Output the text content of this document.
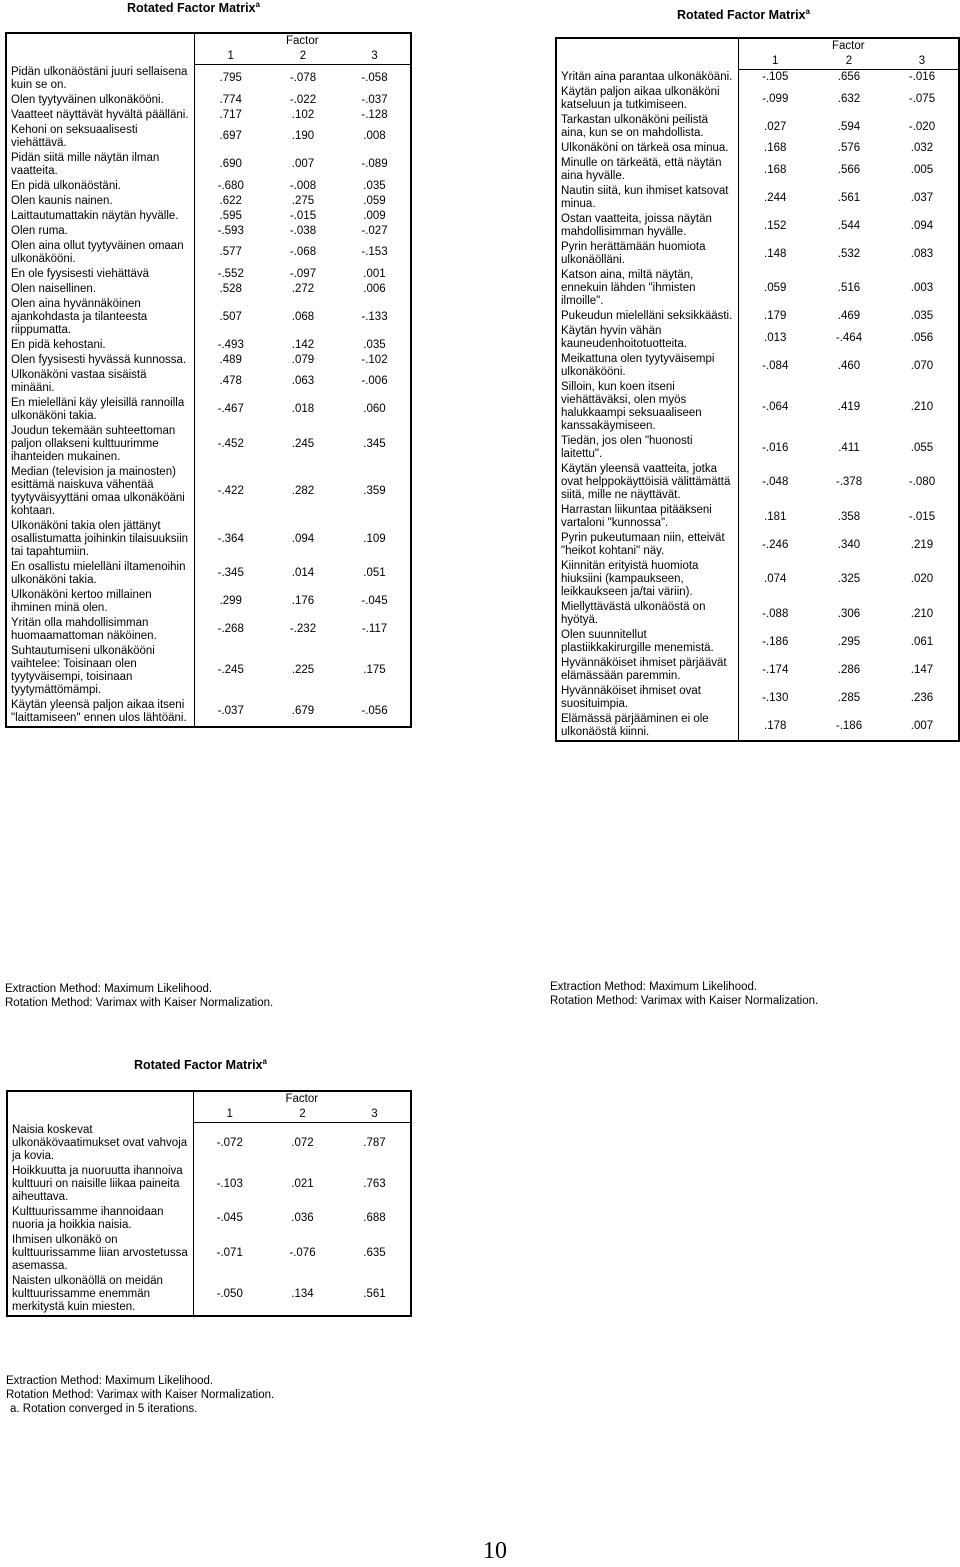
Rotated Factor Matrix$^a$
	Factor		
	1	2	3
Pidän ulkonäöstäni juuri sellaisena kuin se on.	.795	-.078	-.058
Olen tyytyväinen ulkonäkööni.	.774	-.022	-.037
Vaatteet näyttävät hyvältä päälläni.	.717	.102	-.128
Kehoni on seksuaalisesti viehättävä.	.697	.190	.008
Pidän siitä mille näytän ilman vaatteita.	.690	.007	-.089
En pidä ulkonäöstäni.	-.680	-.008	.035
Olen kaunis nainen.	.622	.275	.059
Laittautumattakin näytän hyvälle.	.595	-.015	.009
Olen ruma.	-.593	-.038	-.027
Olen aina ollut tyytyväinen omaan ulkonäkööni.	.577	-.068	-.153
En ole fyysisesti viehättävä	-.552	-.097	.001
Olen naisellinen.	.528	.272	.006
Olen aina hyvännäköinen ajankohdasta ja tilanteesta riippumatta.	.507	.068	-.133
En pidä kehostani.	-.493	.142	.035
Olen fyysisesti hyvässä kunnossa.	.489	.079	-.102
Ulkonäköni vastaa sisäistä minääni.	.478	.063	-.006
En mielelläni käy yleisillä rannoilla ulkonäköni takia.	-.467	.018	.060
Joudun tekemään suhteettoman paljon ollakseni kulttuurimme ihanteiden mukainen.	-.452	.245	.345
Median (television ja mainosten) esittämä naiskuva vähentää tyytyväisyyttäni omaa ulkonäköäni kohtaan.	-.422	.282	.359
Ulkonäköni takia olen jättänyt osallistumatta joihinkin tilaisuuksiin tai tapahtumiin.	-.364	.094	.109
En osallistu mielelläni iltamenoihin ulkonäköni takia.	-.345	.014	.051
Ulkonäköni kertoo millainen ihminen minä olen.	.299	.176	-.045
Yritän olla mahdollisimman huomaamattoman näköinen.	-.268	-.232	-.117
Suhtautumiseni ulkonäkööni vaihtelee: Toisinaan olen tyytyväisempi, toisinaan tyytymättömämpi.	-.245	.225	.175
Käytän yleensä paljon aikaa itseni "laittamiseen" ennen ulos lähtöäni.	-.037	.679	-.056
Extraction Method: Maximum Likelihood.
Rotation Method: Varimax with Kaiser Normalization.
Rotated Factor Matrix$^a$
	Factor		
	1	2	3
Yritän aina parantaa ulkonäköäni.	-.105	.656	-.016
Käytän paljon aikaa ulkonäköni katseluun ja tutkimiseen.	-.099	.632	-.075
Tarkastan ulkonäköni peilistä aina, kun se on mahdollista.	.027	.594	-.020
Ulkonäköni on tärkeä osa minua.	.168	.576	.032
Minulle on tärkeätä, että näytän aina hyvälle.	.168	.566	.005
Nautin siitä, kun ihmiset katsovat minua.	.244	.561	.037
Ostan vaatteita, joissa näytän mahdollisimman hyvälle.	.152	.544	.094
Pyrin herättämään huomiota ulkonäölläni.	.148	.532	.083
Katson aina, miltä näytän, ennekuin lähden "ihmisten ilmoille".	.059	.516	.003
Pukeudun mielelläni seksikkäästi.	.179	.469	.035
Käytän hyvin vähän kauneudenhoitotuotteita.	.013	-.464	.056
Meikattuna olen tyytyväisempi ulkonäkööni.	-.084	.460	.070
Silloin, kun koen itseni viehättäväksi, olen myös halukkaampi seksuaaliseen kanssakäymiseen.	-.064	.419	.210
Tiedän, jos olen "huonosti laitettu".	-.016	.411	.055
Käytän yleensä vaatteita, jotka ovat helppokäyttöisiä välittämättä siitä, mille ne näyttävät.	-.048	-.378	-.080
Harrastan liikuntaa pitääkseni vartaloni "kunnossa".	.181	.358	-.015
Pyrin pukeutumaan niin, etteivät "heikot kohtani" näy.	-.246	.340	.219
Kiinnitän erityistä huomiota hiuksiini (kampaukseen, leikkaukseen ja/tai väriin).	.074	.325	.020
Miellyttävästä ulkonäöstä on hyötyä.	-.088	.306	.210
Olen suunnitellut plastiikkakirurgille menemistä.	-.186	.295	.061
Hyvännäköiset ihmiset pärjäävät elämässään paremmin.	-.174	.286	.147
Hyvännäköiset ihmiset ovat suosituimpia.	-.130	.285	.236
Elämässä pärjääminen ei ole ulkonäöstä kiinni.	.178	-.186	.007
Extraction Method: Maximum Likelihood.
Rotation Method: Varimax with Kaiser Normalization.
Rotated Factor Matrix$^a$
	Factor		
	1	2	3
Naisia koskevat ulkonäkövaatimukset ovat vahvoja ja kovia.	-.072	.072	.787
Hoikkuutta ja nuoruutta ihannoiva kulttuuri on naisille liikaa paineita aiheuttava.	-.103	.021	.763
Kulttuurissamme ihannoidaan nuoria ja hoikkia naisia.	-.045	.036	.688
Ihmisen ulkonäkö on kulttuurissamme liian arvostetussa asemassa.	-.071	-.076	.635
Naisten ulkonäöllä on meidän kulttuurissamme enemmän merkitystä kuin miesten.	-.050	.134	.561
Extraction Method: Maximum Likelihood.
Rotation Method: Varimax with Kaiser Normalization.
a. Rotation converged in 5 iterations.
10
